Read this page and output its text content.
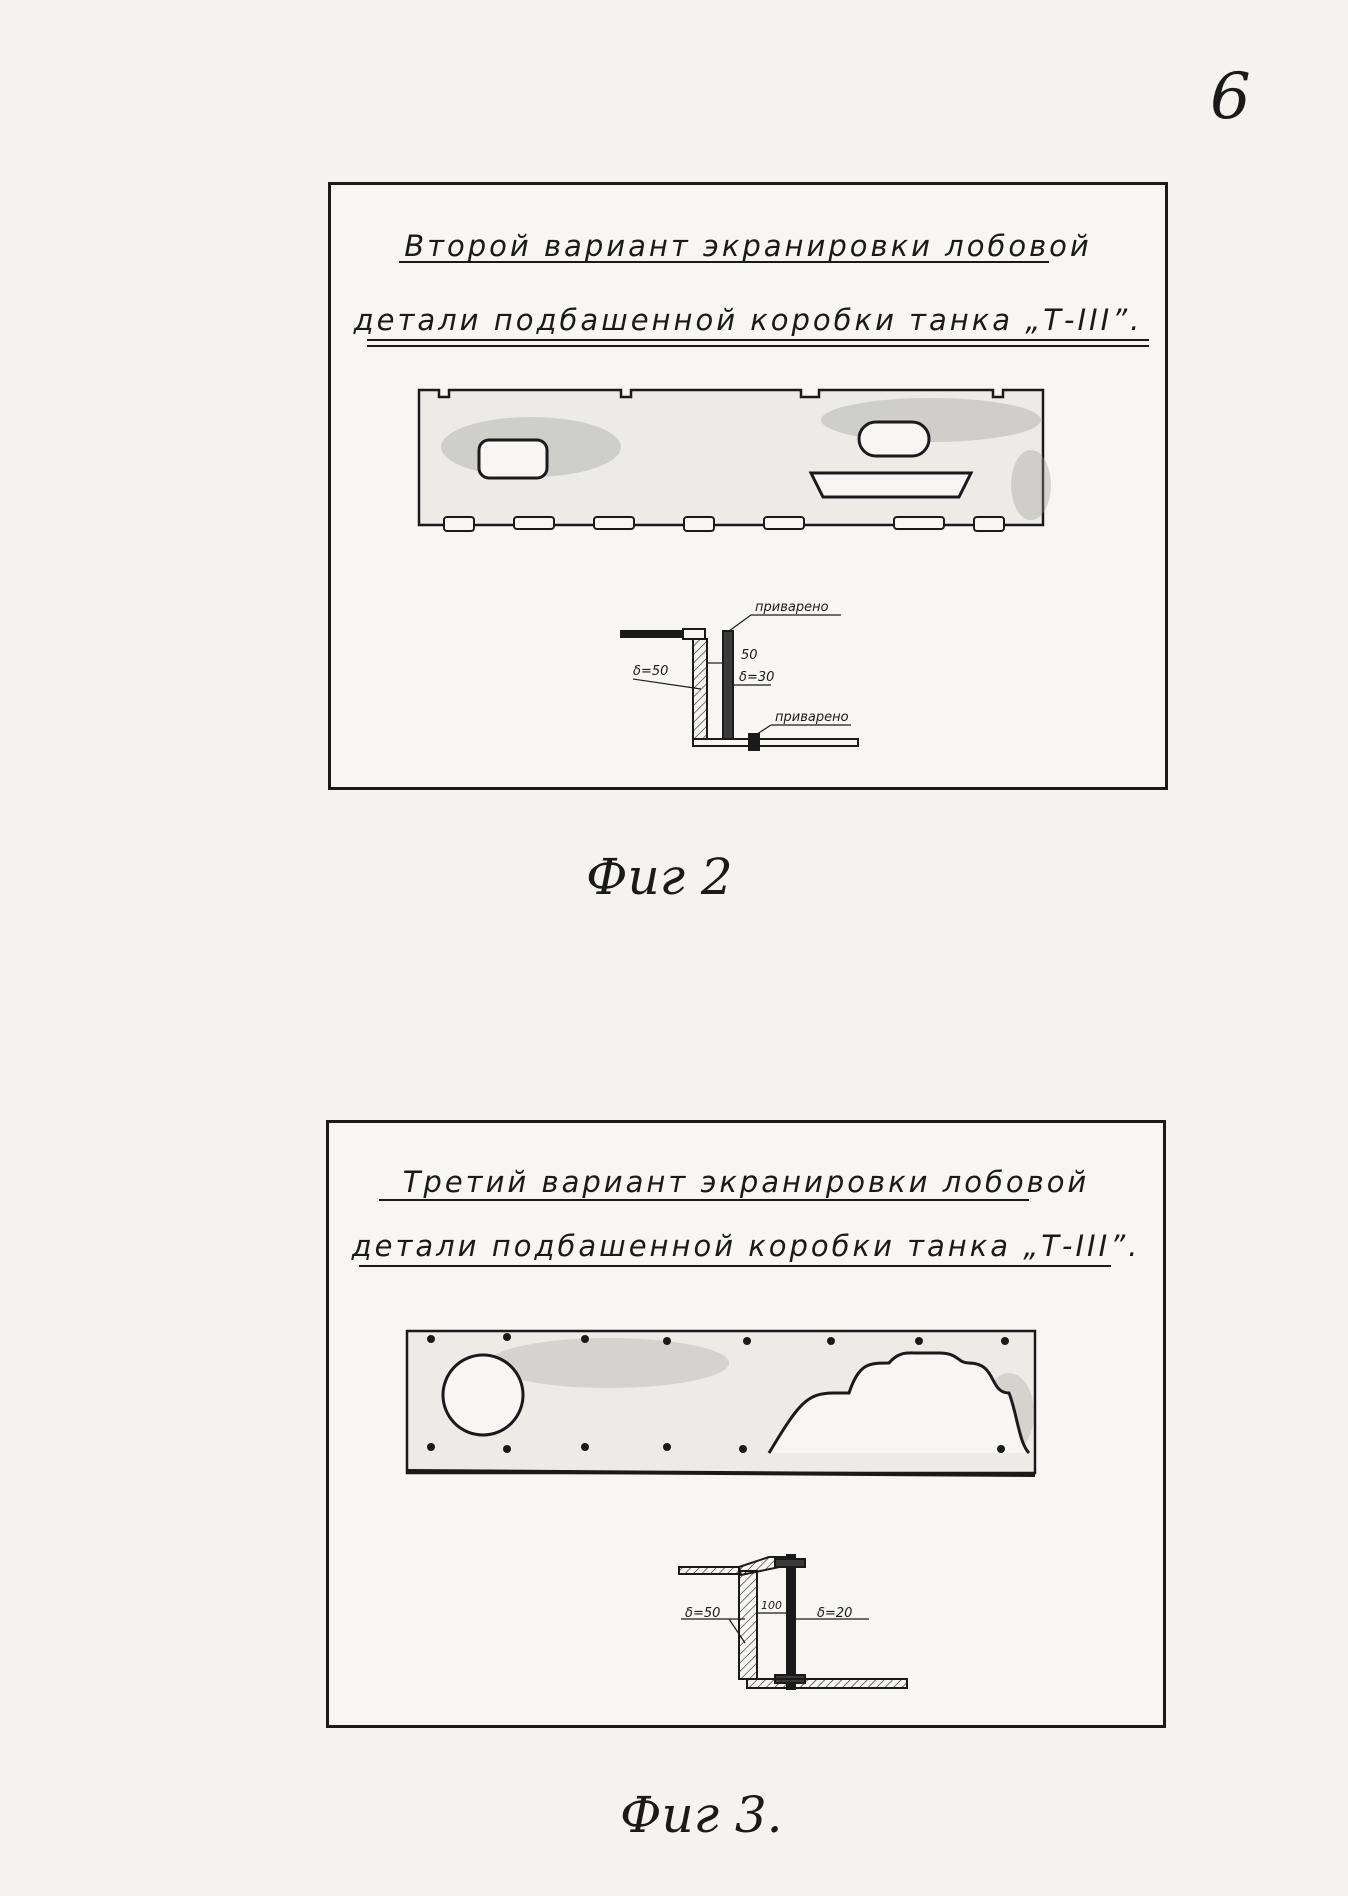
6
Второй вариант экранировки лобовой
детали подбашенной коробки танка „Т-III”.
приварено
50
δ=50	δ=30
приварено
Фиг 2
Третий вариант экранировки лобовой
детали подбашенной коробки танка „Т-III”.
δ=50
100
δ=20
Фиг 3.
